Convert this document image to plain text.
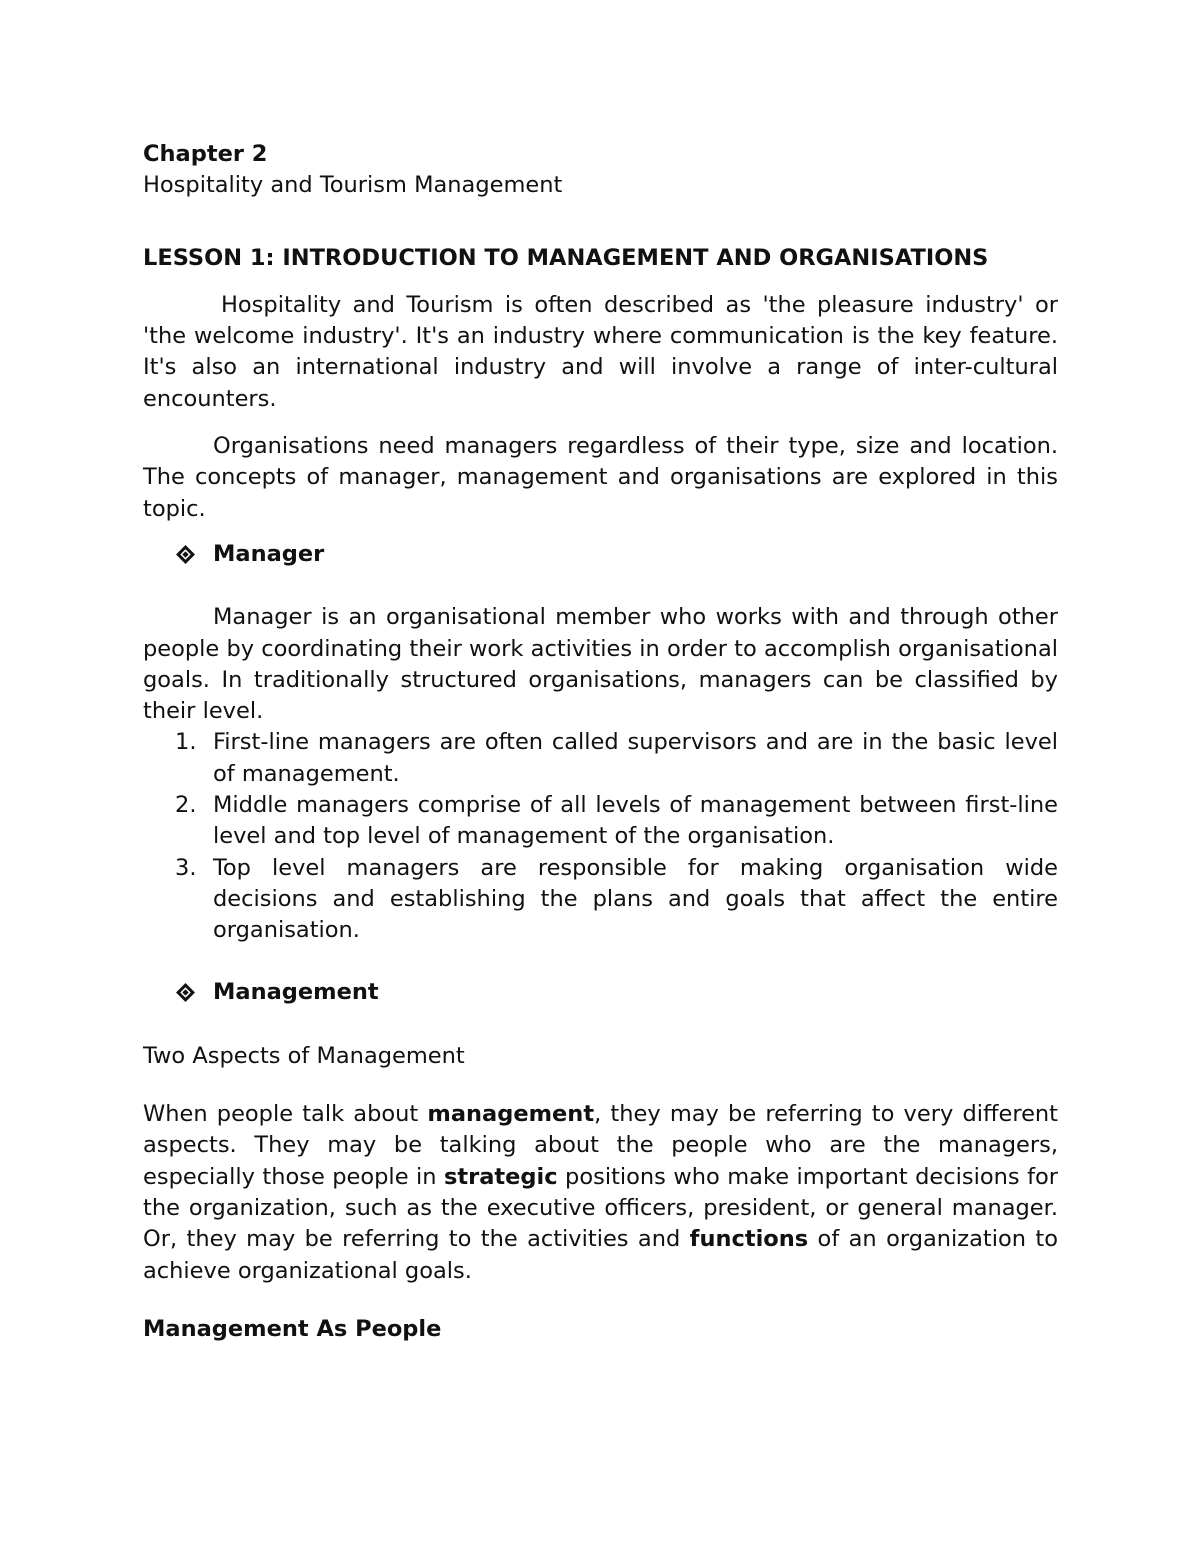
Chapter 2
Hospitality and Tourism Management
LESSON 1: INTRODUCTION TO MANAGEMENT AND ORGANISATIONS

Hospitality and Tourism is often described as 'the pleasure industry' or 'the welcome industry'. It's an industry where communication is the key feature. It's also an international industry and will involve a range of inter-cultural encounters.

Organisations need managers regardless of their type, size and location. The concepts of manager, management and organisations are explored in this topic.

Manager

Manager is an organisational member who works with and through other people by coordinating their work activities in order to accomplish organisational goals. In traditionally structured organisations, managers can be classified by their level.

1. First-line managers are often called supervisors and are in the basic level of management.
2. Middle managers comprise of all levels of management between first-line level and top level of management of the organisation.
3. Top level managers are responsible for making organisation wide decisions and establishing the plans and goals that affect the entire organisation.
Management
Two Aspects of Management

When people talk about management, they may be referring to very different aspects. They may be talking about the people who are the managers, especially those people in strategic positions who make important decisions for the organization, such as the executive officers, president, or general manager. Or, they may be referring to the activities and functions of an organization to achieve organizational goals.

Management As People
